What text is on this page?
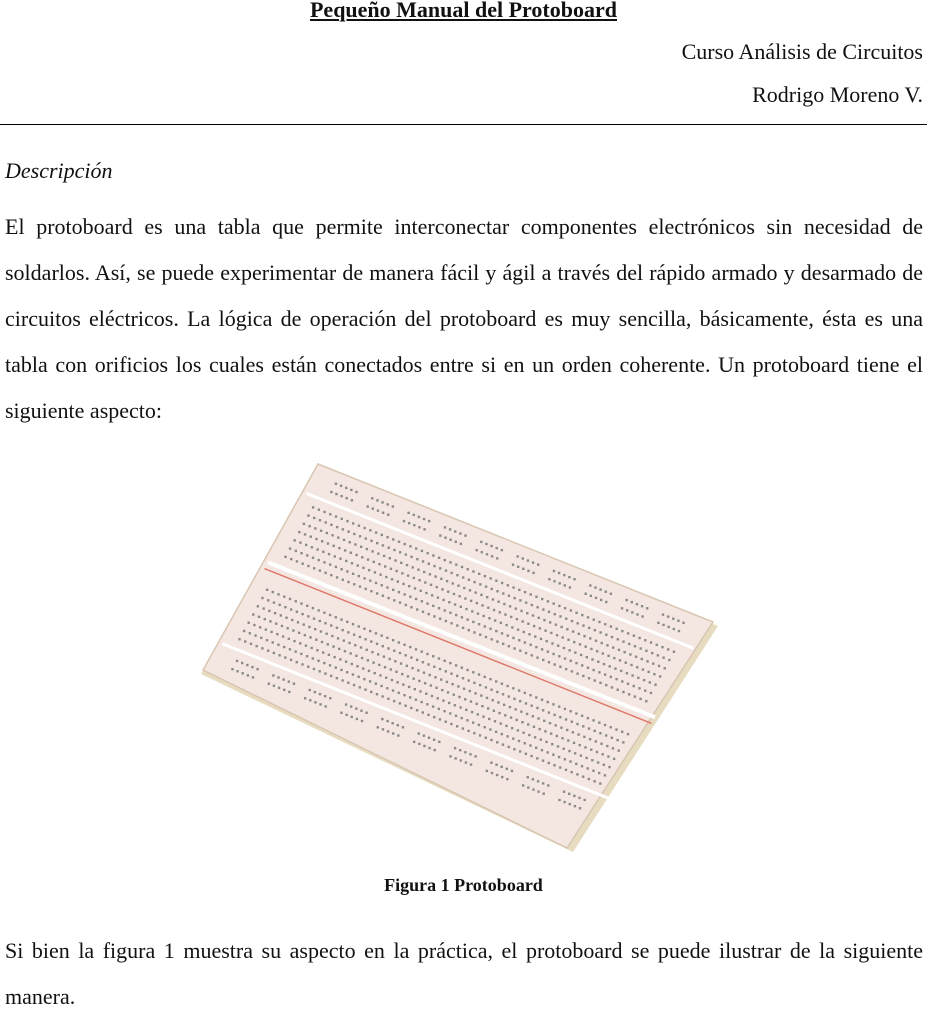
Pequeño Manual del Protoboard
Curso Análisis de Circuitos
Rodrigo Moreno V.
Descripción

El protoboard es una tabla que permite interconectar componentes electrónicos sin necesidad de soldarlos. Así, se puede experimentar de manera fácil y ágil a través del rápido armado y desarmado de circuitos eléctricos. La lógica de operación del protoboard es muy sencilla, básicamente, ésta es una tabla con orificios los cuales están conectados entre si en un orden coherente. Un protoboard tiene el siguiente aspecto:

Figura 1 Protoboard

Si bien la figura 1 muestra su aspecto en la práctica, el protoboard se puede ilustrar de la siguiente manera.
